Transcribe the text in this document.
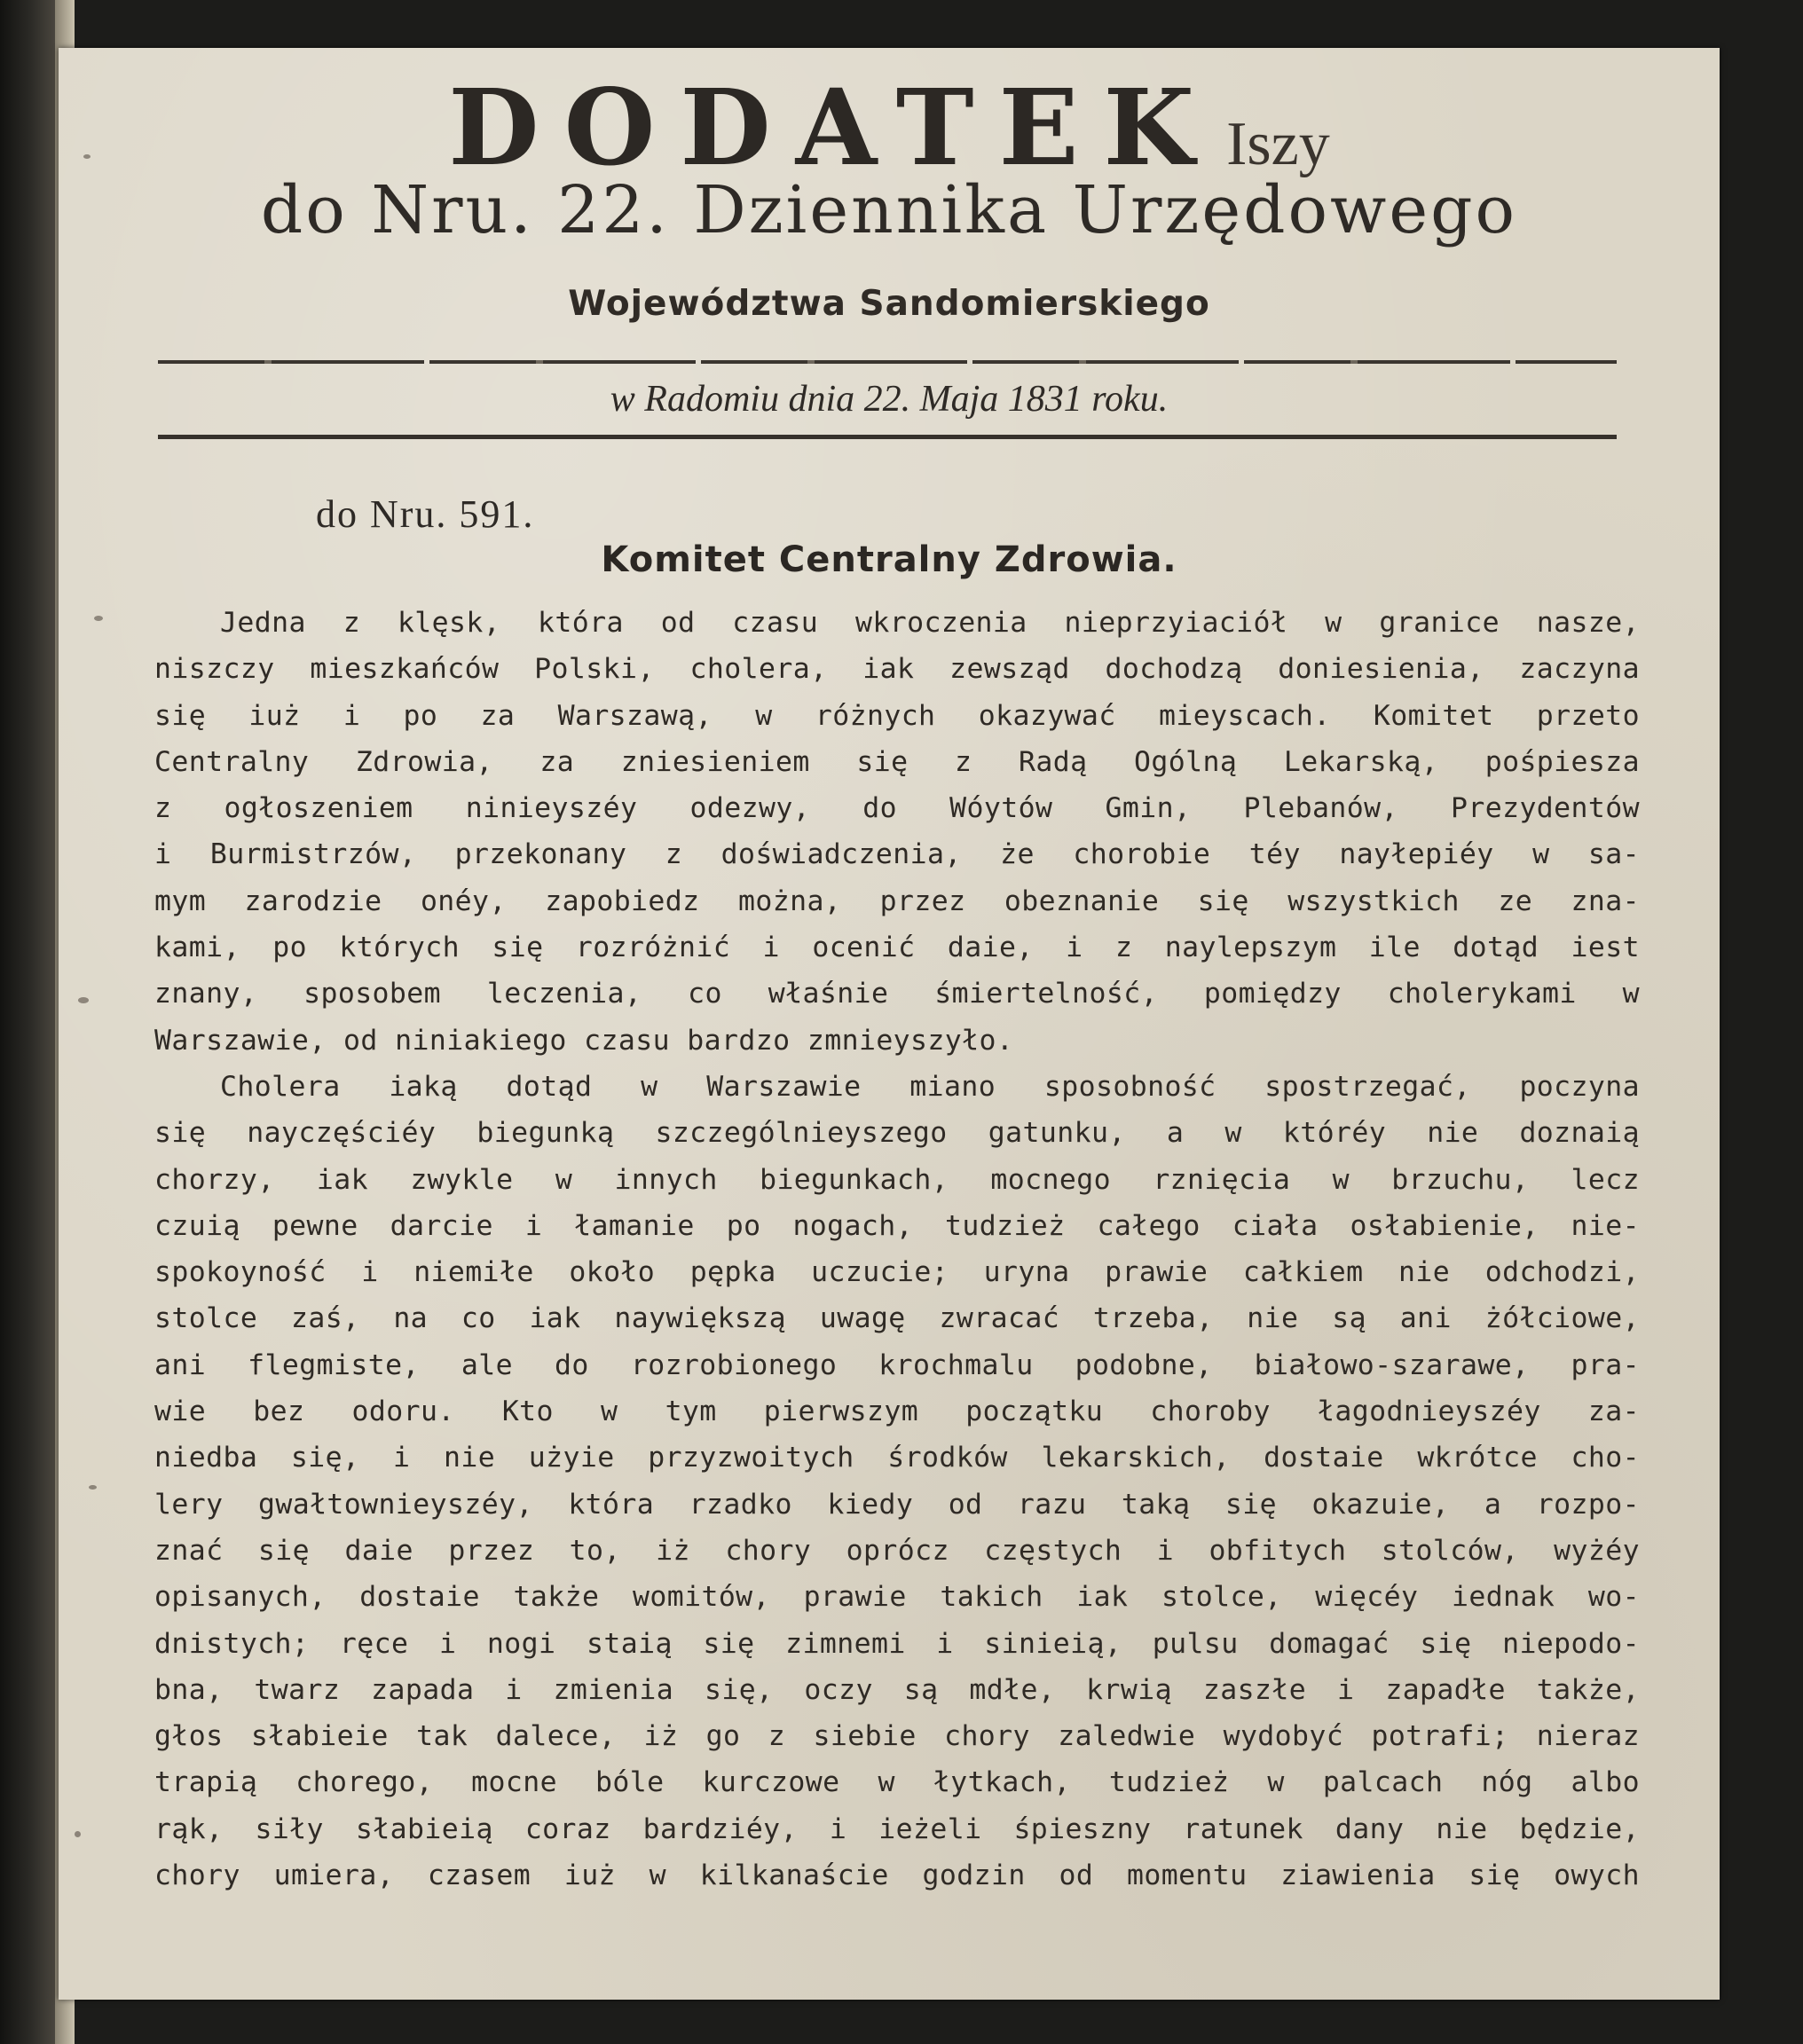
DODATEK Iszy
do Nru. 22. Dziennika Urzędowego
Województwa Sandomierskiego
w Radomiu dnia 22. Maja 1831 roku.
do Nru. 591.
Komitet Centralny Zdrowia.
Jedna z klęsk, która od czasu wkroczenia nieprzyiaciół w granice nasze,
niszczy mieszkańców Polski, cholera, iak zewsząd dochodzą doniesienia, zaczyna
się iuż i po za Warszawą, w różnych okazywać mieyscach. Komitet przeto
Centralny Zdrowia, za zniesieniem się z Radą Ogólną Lekarską, pośpiesza
z ogłoszeniem ninieyszéy odezwy, do Wóytów Gmin, Plebanów, Prezydentów
i Burmistrzów, przekonany z doświadczenia, że chorobie téy nayłepiéy w sa-
mym zarodzie onéy, zapobiedz można, przez obeznanie się wszystkich ze zna-
kami, po których się rozróżnić i ocenić daie, i z naylepszym ile dotąd iest
znany, sposobem leczenia, co właśnie śmiertelność, pomiędzy cholerykami w
Warszawie, od niniakiego czasu bardzo zmnieyszyło.
Cholera iaką dotąd w Warszawie miano sposobność spostrzegać, poczyna
się nayczęściéy biegunką szczególnieyszego gatunku, a w któréy nie doznaią
chorzy, iak zwykle w innych biegunkach, mocnego rznięcia w brzuchu, lecz
czuią pewne darcie i łamanie po nogach, tudzież całego ciała osłabienie, nie-
spokoyność i niemiłe około pępka uczucie; uryna prawie całkiem nie odchodzi,
stolce zaś, na co iak naywiększą uwagę zwracać trzeba, nie są ani żółciowe,
ani flegmiste, ale do rozrobionego krochmalu podobne, białowo-szarawe, pra-
wie bez odoru. Kto w tym pierwszym początku choroby łagodnieyszéy za-
niedba się, i nie użyie przyzwoitych środków lekarskich, dostaie wkrótce cho-
lery gwałtownieyszéy, która rzadko kiedy od razu taką się okazuie, a rozpo-
znać się daie przez to, iż chory oprócz częstych i obfitych stolców, wyżéy
opisanych, dostaie także womitów, prawie takich iak stolce, więcéy iednak wo-
dnistych; ręce i nogi staią się zimnemi i sinieią, pulsu domagać się niepodo-
bna, twarz zapada i zmienia się, oczy są mdłe, krwią zaszłe i zapadłe także,
głos słabieie tak dalece, iż go z siebie chory zaledwie wydobyć potrafi; nieraz
trapią chorego, mocne bóle kurczowe w łytkach, tudzież w palcach nóg albo
rąk, siły słabieią coraz bardziéy, i ieżeli śpieszny ratunek dany nie będzie,
chory umiera, czasem iuż w kilkanaście godzin od momentu ziawienia się owych
